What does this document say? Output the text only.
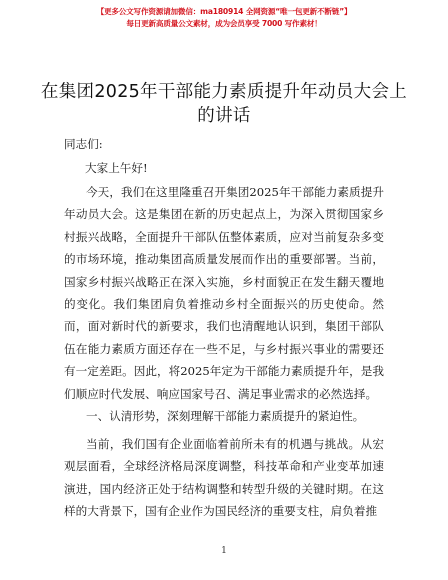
【更多公文写作资源请加微信：ma180914 全网资源“唯一包更新不断链”】
每日更新高质量公文素材，成为会员享受 7000 写作素材！
在集团2025年干部能力素质提升年动员大会上的讲话

同志们:

大家上午好!

今天，我们在这里隆重召开集团2025年干部能力素质提升年动员大会。这是集团在新的历史起点上，为深入贯彻国家乡村振兴战略，全面提升干部队伍整体素质，应对当前复杂多变的市场环境，推动集团高质量发展而作出的重要部署。当前，国家乡村振兴战略正在深入实施，乡村面貌正在发生翻天覆地的变化。我们集团肩负着推动乡村全面振兴的历史使命。然而，面对新时代的新要求，我们也清醒地认识到，集团干部队伍在能力素质方面还存在一些不足，与乡村振兴事业的需要还有一定差距。因此，将2025年定为干部能力素质提升年，是我们顺应时代发展、响应国家号召、满足事业需求的必然选择。

一、认清形势，深刻理解干部能力素质提升的紧迫性。

当前，我们国有企业面临着前所未有的机遇与挑战。从宏观层面看，全球经济格局深度调整，科技革命和产业变革加速演进，国内经济正处于结构调整和转型升级的关键时期。在这样的大背景下，国有企业作为国民经济的重要支柱，肩负着推

1
